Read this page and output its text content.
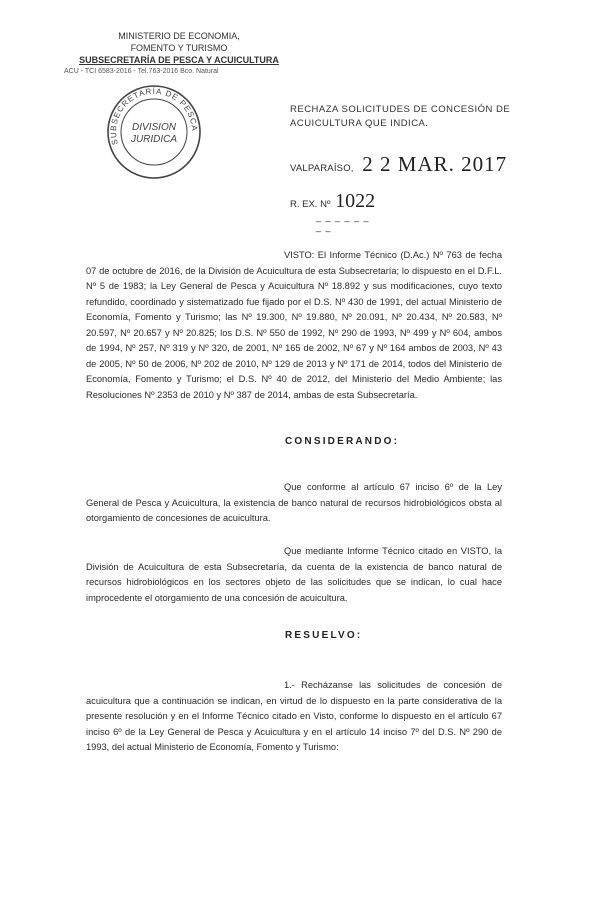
MINISTERIO DE ECONOMIA,
FOMENTO Y TURISMO
SUBSECRETARÍA DE PESCA Y ACUICULTURA
ACU - TCI 6583-2016 - Tel.763-2016 Bco. Natural
SUBSECRETARÍA DE PESCA
DIVISION
JURIDICA
RECHAZA SOLICITUDES DE CONCESIÓN DE ACUICULTURA QUE INDICA.
VALPARAÍSO, 2 2 MAR. 2017
R. EX. Nº 1022

_ _ _ _ _ _ _ _
VISTO: El Informe Técnico (D.Ac.) Nº 763 de fecha 07 de octubre de 2016, de la División de Acuicultura de esta Subsecretaría; lo dispuesto en el D.F.L. Nº 5 de 1983; la Ley General de Pesca y Acuicultura Nº 18.892 y sus modificaciones, cuyo texto refundido, coordinado y sistematizado fue fijado por el D.S. Nº 430 de 1991, del actual Ministerio de Economía, Fomento y Turismo; las Nº 19.300, Nº 19.880, Nº 20.091, Nº 20.434, Nº 20.583, Nº 20.597, Nº 20.657 y Nº 20.825; los D.S. Nº 550 de 1992, Nº 290 de 1993, Nº 499 y Nº 604, ambos de 1994, Nº 257, Nº 319 y Nº 320, de 2001, Nº 165 de 2002, Nº 67 y Nº 164 ambos de 2003, Nº 43 de 2005, Nº 50 de 2006, Nº 202 de 2010, Nº 129 de 2013 y Nº 171 de 2014, todos del Ministerio de Economía, Fomento y Turismo; el D.S. Nº 40 de 2012, del Ministerio del Medio Ambiente; las Resoluciones Nº 2353 de 2010 y Nº 387 de 2014, ambas de esta Subsecretaría.
CONSIDERANDO:
Que conforme al artículo 67 inciso 6º de la Ley General de Pesca y Acuicultura, la existencia de banco natural de recursos hidrobiológicos obsta al otorgamiento de concesiones de acuicultura.
Que mediante Informe Técnico citado en VISTO, la División de Acuicultura de esta Subsecretaría, da cuenta de la existencia de banco natural de recursos hidrobiológicos en los sectores objeto de las solicitudes que se indican, lo cual hace improcedente el otorgamiento de una concesión de acuicultura.
RESUELVO:
1.- Recházanse las solicitudes de concesión de acuicultura que a continuación se indican, en virtud de lo dispuesto en la parte considerativa de la presente resolución y en el Informe Técnico citado en Visto, conforme lo dispuesto en el artículo 67 inciso 6º de la Ley General de Pesca y Acuicultura y en el artículo 14 inciso 7º del D.S. Nº 290 de 1993, del actual Ministerio de Economía, Fomento y Turismo:
